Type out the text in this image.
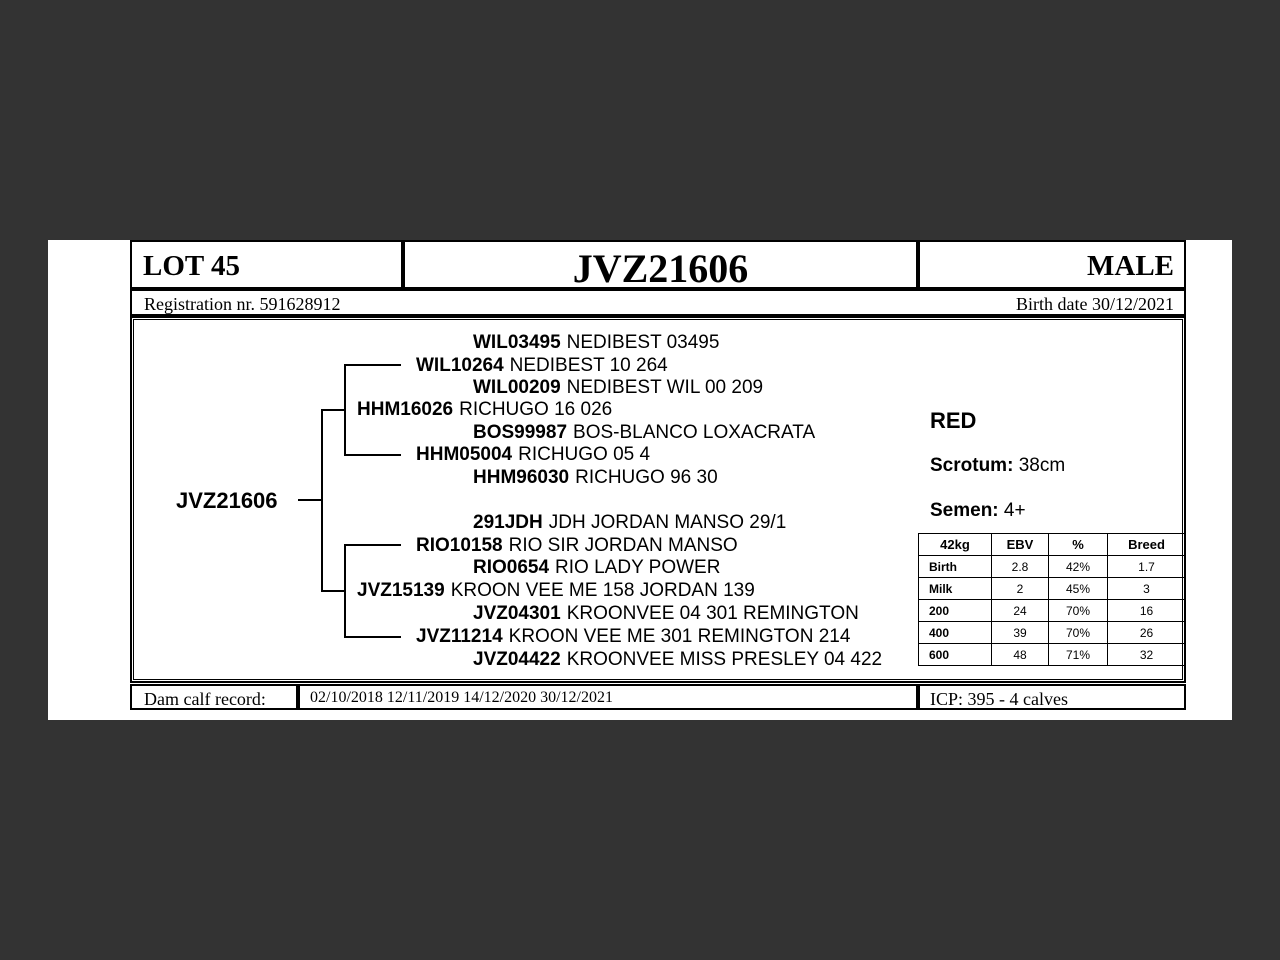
LOT 45	JVZ21606	MALE
Registration nr. 591628912	Birth date 30/12/2021
JVZ21606
WIL03495 NEDIBEST 03495
WIL10264 NEDIBEST 10 264
WIL00209 NEDIBEST WIL 00 209
HHM16026 RICHUGO 16 026
BOS99987 BOS-BLANCO LOXACRATA
HHM05004 RICHUGO 05 4
HHM96030 RICHUGO 96 30
291JDH JDH JORDAN MANSO 29/1
RIO10158 RIO SIR JORDAN MANSO
RIO0654 RIO LADY POWER
JVZ15139 KROON VEE ME 158 JORDAN 139
JVZ04301 KROONVEE 04 301 REMINGTON
JVZ11214 KROON VEE ME 301 REMINGTON 214
JVZ04422 KROONVEE MISS PRESLEY 04 422
RED
Scrotum: 38cm
Semen: 4+
42kg	EBV	%	Breed
Birth	2.8	42%	1.7
Milk	2	45%	3
200	24	70%	16
400	39	70%	26
600	48	71%	32
Dam calf record:	02/10/2018 12/11/2019 14/12/2020 30/12/2021	ICP: 395 - 4 calves
